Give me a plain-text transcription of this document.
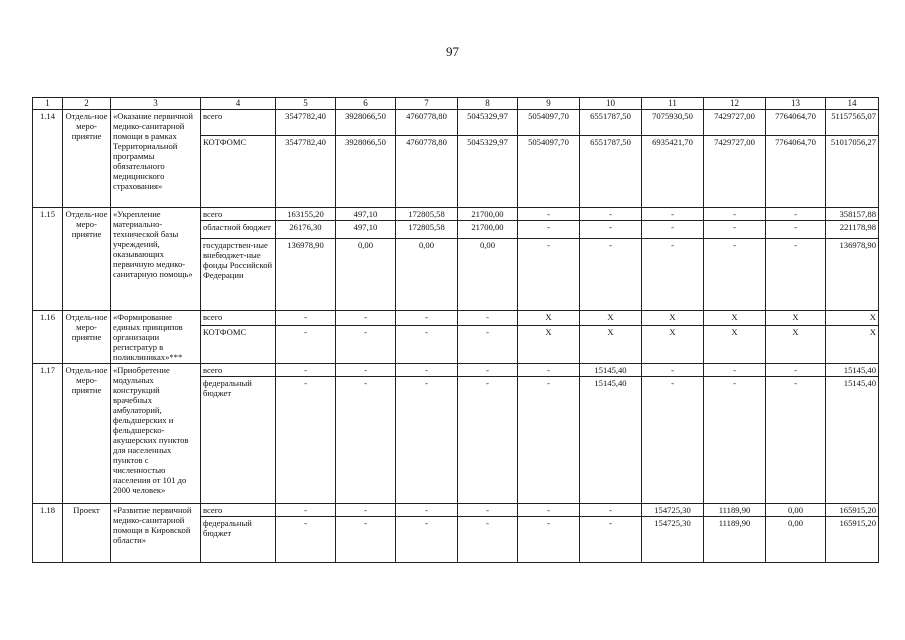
97
1	2	3	4	5	6	7	8	9	10	11	12	13	14
1.14	Отдель-ное меро-приятие	«Оказание первичной медико-санитарной помощи в рамках Территориальной программы обязательного медицинского страхования»	всего	3547782,40	3928066,50	4760778,80	5045329,97	5054097,70	6551787,50	7075930,50	7429727,00	7764064,70	51157565,07
			КОТФОМС	3547782,40	3928066,50	4760778,80	5045329,97	5054097,70	6551787,50	6935421,70	7429727,00	7764064,70	51017056,27
1.15	Отдель-ное меро-приятие	«Укрепление материально-технической базы учреждений, оказывающих первичную медико-санитарную помощь»	всего	163155,20	497,10	172805,58	21700,00	-	-	-	-	-	358157,88
			областной бюджет	26176,30	497,10	172805,58	21700,00	-	-	-	-	-	221178,98
			государствен-ные внебюджет-ные фонды Российской Федерации	136978,90	0,00	0,00	0,00	-	-	-	-	-	136978,90
1.16	Отдель-ное меро-приятие	«Формирование единых принципов организации регистратур в поликлиниках»***	всего	-	-	-	-	X	X	X	X	X	X
			КОТФОМС	-	-	-	-	X	X	X	X	X	X
1.17	Отдель-ное меро-приятие	«Приобретение модульных конструкций врачебных амбулаторий, фельдшерских и фельдшерско-акушерских пунктов для населенных пунктов с численностью населения от 101 до 2000 человек»	всего	-	-	-	-	-	15145,40	-	-	-	15145,40
			федеральный бюджет	-	-	-	-	-	15145,40	-	-	-	15145,40
1.18	Проект	«Развитие первичной медико-санитарной помощи в Кировской области»	всего	-	-	-	-	-	-	154725,30	11189,90	0,00	165915,20
			федеральный бюджет	-	-	-	-	-	-	154725,30	11189,90	0,00	165915,20
